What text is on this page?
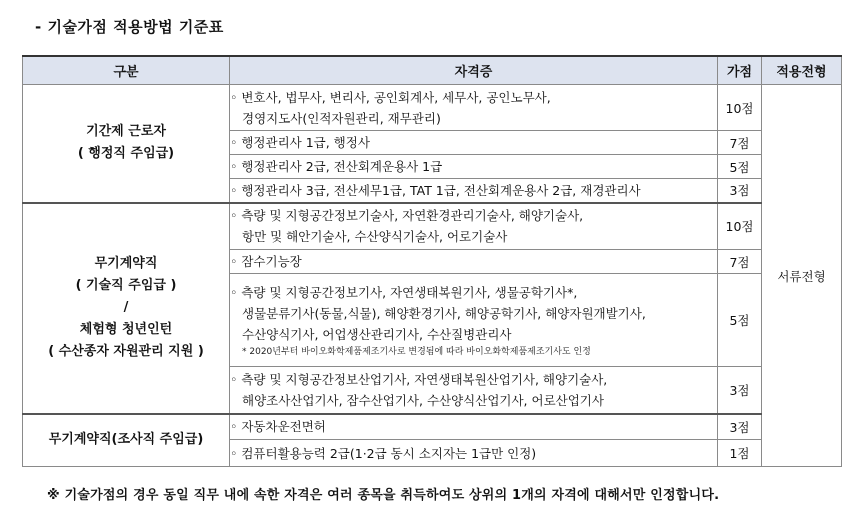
- 기술가점 적용방법 기준표
구분	자격증	가점	적용전형

기간제 근로자
( 행정직 주임급)	◦ 변호사, 법무사, 변리사, 공인회계사, 세무사, 공인노무사,
경영지도사(인적자원관리, 재무관리)	10점	서류전형

	◦ 행정관리사 1급, 행정사	7점	

	◦ 행정관리사 2급, 전산회계운용사 1급	5점	

	◦ 행정관리사 3급, 전산세무1급, TAT 1급, 전산회계운용사 2급, 재경관리사	3점	

무기계약직
( 기술직 주임급 )
/
체험형 청년인턴
( 수산종자 자원관리 지원 )	◦ 측량 및 지형공간정보기술사, 자연환경관리기술사, 해양기술사,
항만 및 해안기술사, 수산양식기술사, 어로기술사	10점	

	◦ 잠수기능장	7점	

	◦ 측량 및 지형공간정보기사, 자연생태복원기사, 생물공학기사*,
생물분류기사(동물,식물), 해양환경기사, 해양공학기사, 해양자원개발기사,
수산양식기사, 어업생산관리기사, 수산질병관리사
* 2020년부터 바이오화학제품제조기사로 변경됨에 따라 바이오화학제품제조기사도 인정	5점	

	◦ 측량 및 지형공간정보산업기사, 자연생태복원산업기사, 해양기술사,
해양조사산업기사, 잠수산업기사, 수산양식산업기사, 어로산업기사	3점	

무기계약직(조사직 주임급)	◦ 자동차운전면허	3점	

	◦ 컴퓨터활용능력 2급(1·2급 동시 소지자는 1급만 인정)	1점	
※ 기술가점의 경우 동일 직무 내에 속한 자격은 여러 종목을 취득하여도 상위의 1개의 자격에 대해서만 인정합니다.
